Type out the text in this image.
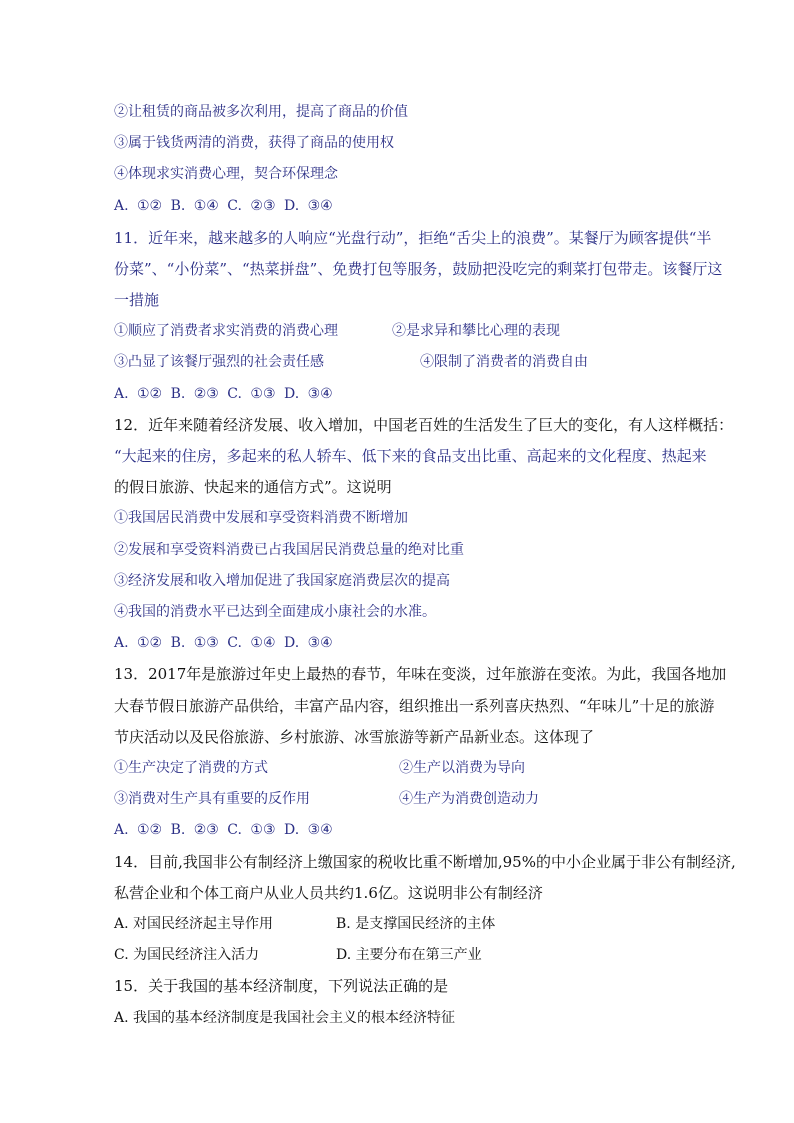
②让租赁的商品被多次利用，提高了商品的价值
③属于钱货两清的消费，获得了商品的使用权
④体现求实消费心理，契合环保理念
A. ①② B. ①④ C. ②③ D. ③④
11．近年来，越来越多的人响应“光盘行动”，拒绝“舌尖上的浪费”。某餐厅为顾客提供“半
份菜”、“小份菜”、“热菜拼盘”、免费打包等服务，鼓励把没吃完的剩菜打包带走。该餐厅这
一措施
①顺应了消费者求实消费的消费心理	②是求异和攀比心理的表现
③凸显了该餐厅强烈的社会责任感	④限制了消费者的消费自由
A. ①② B. ②③ C. ①③ D. ③④
12．近年来随着经济发展、收入增加，中国老百姓的生活发生了巨大的变化，有人这样概括：
“大起来的住房，多起来的私人轿车、低下来的食品支出比重、高起来的文化程度、热起来
的假日旅游、快起来的通信方式”。这说明
①我国居民消费中发展和享受资料消费不断增加
②发展和享受资料消费已占我国居民消费总量的绝对比重
③经济发展和收入增加促进了我国家庭消费层次的提高
④我国的消费水平已达到全面建成小康社会的水准。
A. ①② B. ①③ C. ①④ D. ③④
13．2017年是旅游过年史上最热的春节，年味在变淡，过年旅游在变浓。为此，我国各地加
大春节假日旅游产品供给，丰富产品内容，组织推出一系列喜庆热烈、“年味儿”十足的旅游
节庆活动以及民俗旅游、乡村旅游、冰雪旅游等新产品新业态。这体现了
①生产决定了消费的方式	②生产以消费为导向
③消费对生产具有重要的反作用	④生产为消费创造动力
A. ①② B. ②③ C. ①③ D. ③④
14．目前,我国非公有制经济上缴国家的税收比重不断增加,95%的中小企业属于非公有制经济,
私营企业和个体工商户从业人员共约1.6亿。这说明非公有制经济
A. 对国民经济起主导作用	B. 是支撑国民经济的主体
C. 为国民经济注入活力	D. 主要分布在第三产业
15．关于我国的基本经济制度，下列说法正确的是
A. 我国的基本经济制度是我国社会主义的根本经济特征
